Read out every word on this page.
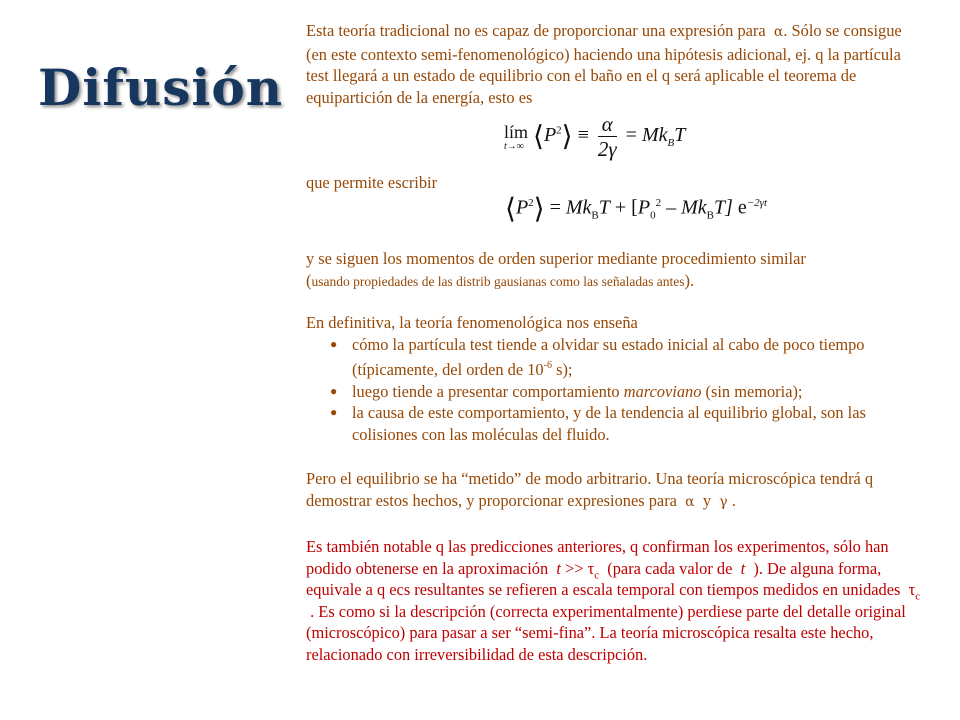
Difusión
lím
t→∞ $⟨P^2⟩ \equiv \frac{\alpha}{2\gamma} = Mk_BT$
$⟨P^2⟩ = Mk_BT + [P_0^2 - Mk_BT]$ $e^{-2\gamma t}$

Esta teoría tradicional no es capaz de proporcionar una expresión para α. Sólo se consigue (en este contexto semi-fenomenológico) haciendo una hipótesis adicional, ej. q la partícula test llegará a un estado de equilibrio con el baño en el q será aplicable el teorema de equipartición de la energía, esto es

que permite escribir

y se siguen los momentos de orden superior mediante procedimiento similar
(usando propiedades de las distrib gausianas como las señaladas antes).

En definitiva, la teoría fenomenológica nos enseña

● cómo la partícula test tiende a olvidar su estado inicial al cabo de poco tiempo (típicamente, del orden de $10^{-6}$ s);
● luego tiende a presentar comportamiento marcoviano (sin memoria);
● la causa de este comportamiento, y de la tendencia al equilibrio global, son las colisiones con las moléculas del fluido.

Pero el equilibrio se ha “metido” de modo arbitrario. Una teoría microscópica tendrá q demostrar estos hechos, y proporcionar expresiones para α y γ .

Es también notable q las predicciones anteriores, q confirman los experimentos, sólo han podido obtenerse en la aproximación $t >> \tau_c$ (para cada valor de t ). De alguna forma, equivale a q ecs resultantes se refieren a escala temporal con tiempos medidos en unidades $\tau_c$  . Es como si la descripción (correcta experimentalmente) perdiese parte del detalle original (microscópico) para pasar a ser “semi-fina”. La teoría microscópica resalta este hecho, relacionado con irreversibilidad de esta descripción.
